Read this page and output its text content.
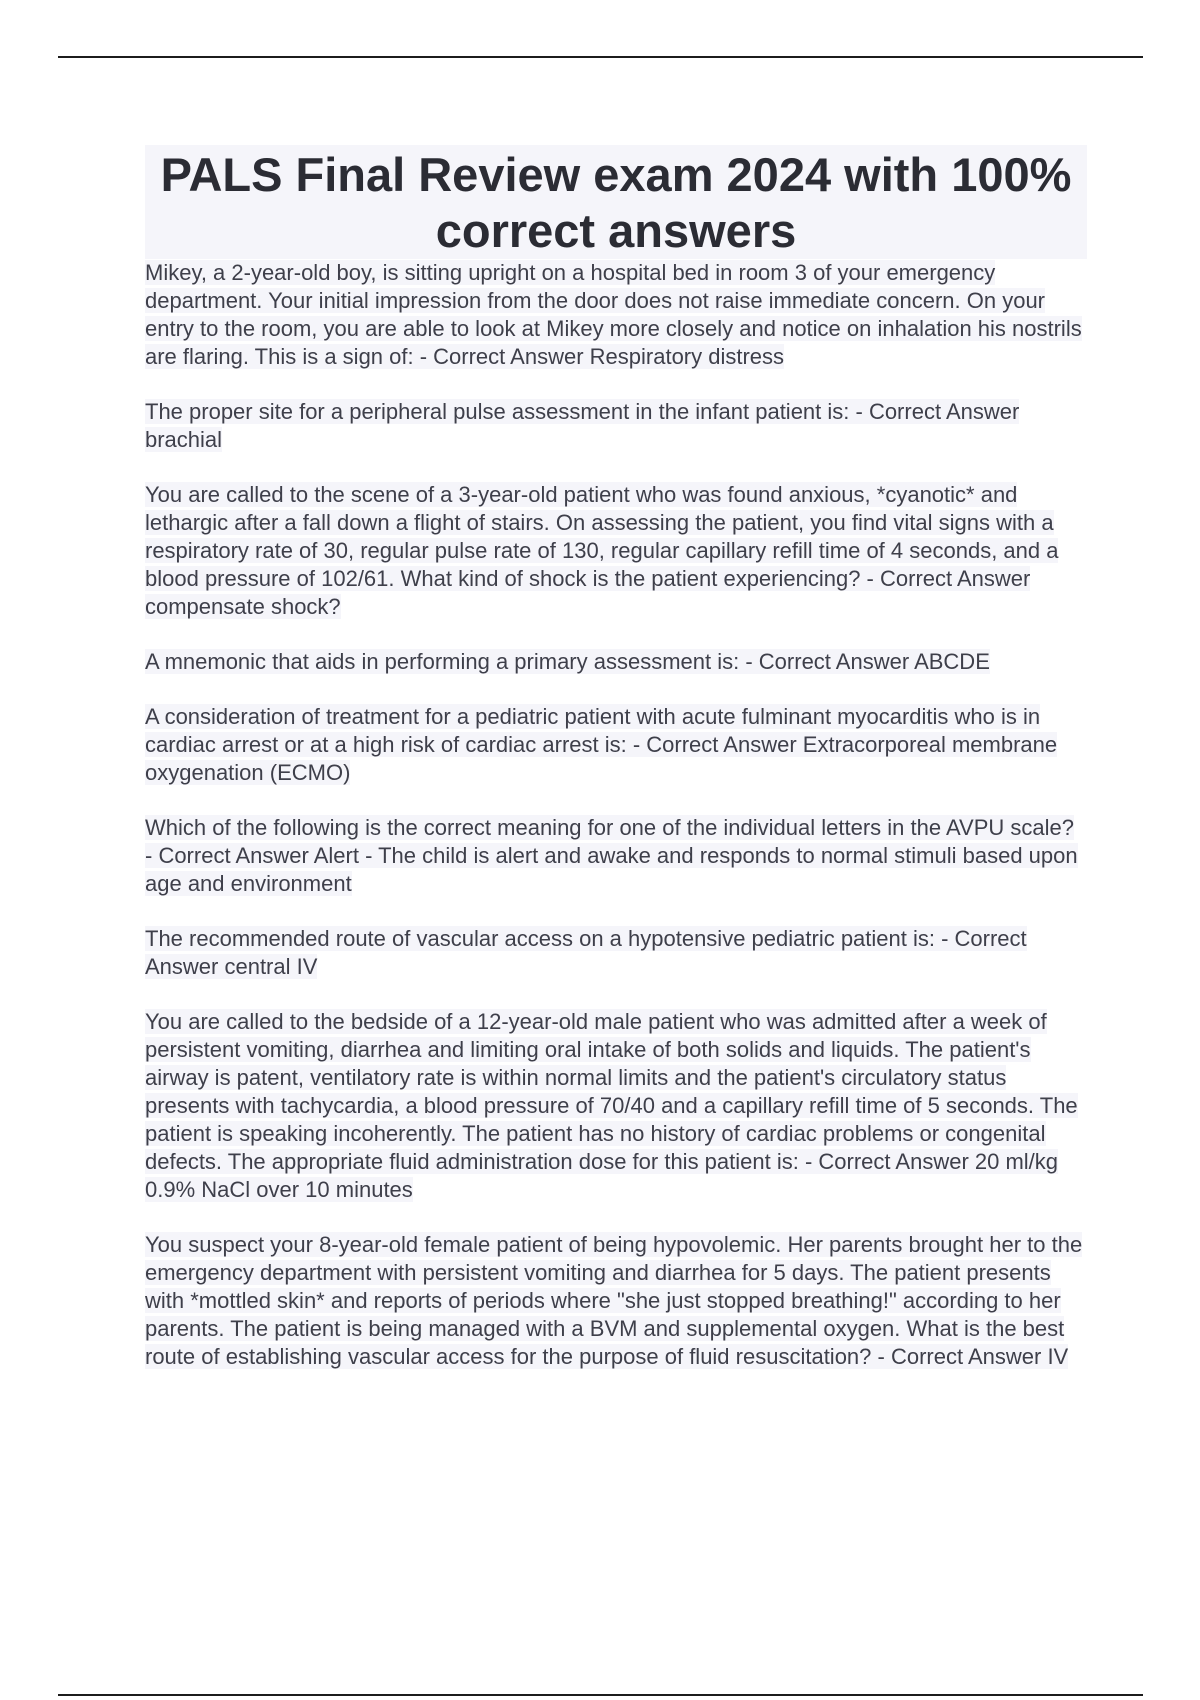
PALS Final Review exam 2024 with 100% correct answers

Mikey, a 2-year-old boy, is sitting upright on a hospital bed in room 3 of your emergency department. Your initial impression from the door does not raise immediate concern. On your entry to the room, you are able to look at Mikey more closely and notice on inhalation his nostrils are flaring. This is a sign of: - Correct Answer Respiratory distress

The proper site for a peripheral pulse assessment in the infant patient is: - Correct Answer brachial

You are called to the scene of a 3-year-old patient who was found anxious, *cyanotic* and lethargic after a fall down a flight of stairs. On assessing the patient, you find vital signs with a respiratory rate of 30, regular pulse rate of 130, regular capillary refill time of 4 seconds, and a blood pressure of 102/61. What kind of shock is the patient experiencing? - Correct Answer compensate shock?

A mnemonic that aids in performing a primary assessment is: - Correct Answer ABCDE

A consideration of treatment for a pediatric patient with acute fulminant myocarditis who is in cardiac arrest or at a high risk of cardiac arrest is: - Correct Answer Extracorporeal membrane oxygenation (ECMO)

Which of the following is the correct meaning for one of the individual letters in the AVPU scale? - Correct Answer Alert - The child is alert and awake and responds to normal stimuli based upon age and environment

The recommended route of vascular access on a hypotensive pediatric patient is: - Correct Answer central IV

You are called to the bedside of a 12-year-old male patient who was admitted after a week of persistent vomiting, diarrhea and limiting oral intake of both solids and liquids. The patient's airway is patent, ventilatory rate is within normal limits and the patient's circulatory status presents with tachycardia, a blood pressure of 70/40 and a capillary refill time of 5 seconds. The patient is speaking incoherently. The patient has no history of cardiac problems or congenital defects. The appropriate fluid administration dose for this patient is: - Correct Answer 20 ml/kg 0.9% NaCl over 10 minutes

You suspect your 8-year-old female patient of being hypovolemic. Her parents brought her to the emergency department with persistent vomiting and diarrhea for 5 days. The patient presents with *mottled skin* and reports of periods where "she just stopped breathing!" according to her parents. The patient is being managed with a BVM and supplemental oxygen. What is the best route of establishing vascular access for the purpose of fluid resuscitation? - Correct Answer IV
